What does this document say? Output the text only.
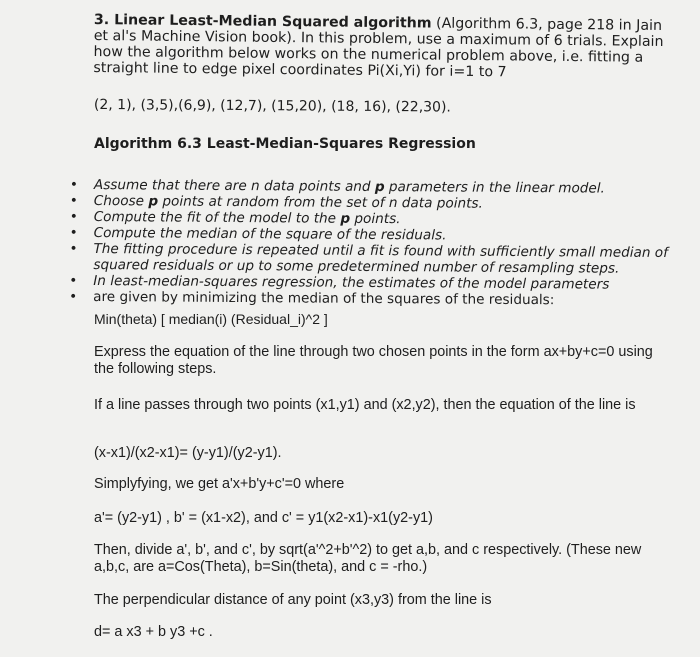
3. Linear Least-Median Squared algorithm (Algorithm 6.3, page 218 in Jain et al's Machine Vision book). In this problem, use a maximum of 6 trials. Explain how the algorithm below works on the numerical problem above, i.e. fitting a straight line to edge pixel coordinates Pi(Xi,Yi) for i=1 to 7
(2, 1), (3,5),(6,9), (12,7), (15,20), (18, 16), (22,30).
Algorithm 6.3 Least-Median-Squares Regression
• Assume that there are n data points and p parameters in the linear model.
• Choose p points at random from the set of n data points.
• Compute the fit of the model to the p points.
• Compute the median of the square of the residuals.
• The fitting procedure is repeated until a fit is found with sufficiently small median of squared residuals or up to some predetermined number of resampling steps.
• In least-median-squares regression, the estimates of the model parameters
• are given by minimizing the median of the squares of the residuals:
Min(theta) [ median(i) (Residual_i)^2 ]
Express the equation of the line through two chosen points in the form ax+by+c=0 using the following steps.
If a line passes through two points (x1,y1) and (x2,y2), then the equation of the line is
(x-x1)/(x2-x1)= (y-y1)/(y2-y1).
Simplyfying, we get a'x+b'y+c'=0 where
a'= (y2-y1) , b' = (x1-x2), and c' = y1(x2-x1)-x1(y2-y1)
Then, divide a', b', and c', by sqrt(a'^2+b'^2) to get a,b, and c respectively. (These new a,b,c, are a=Cos(Theta), b=Sin(theta), and c = -rho.)
The perpendicular distance of any point (x3,y3) from the line is
d= a x3 + b y3 +c .
